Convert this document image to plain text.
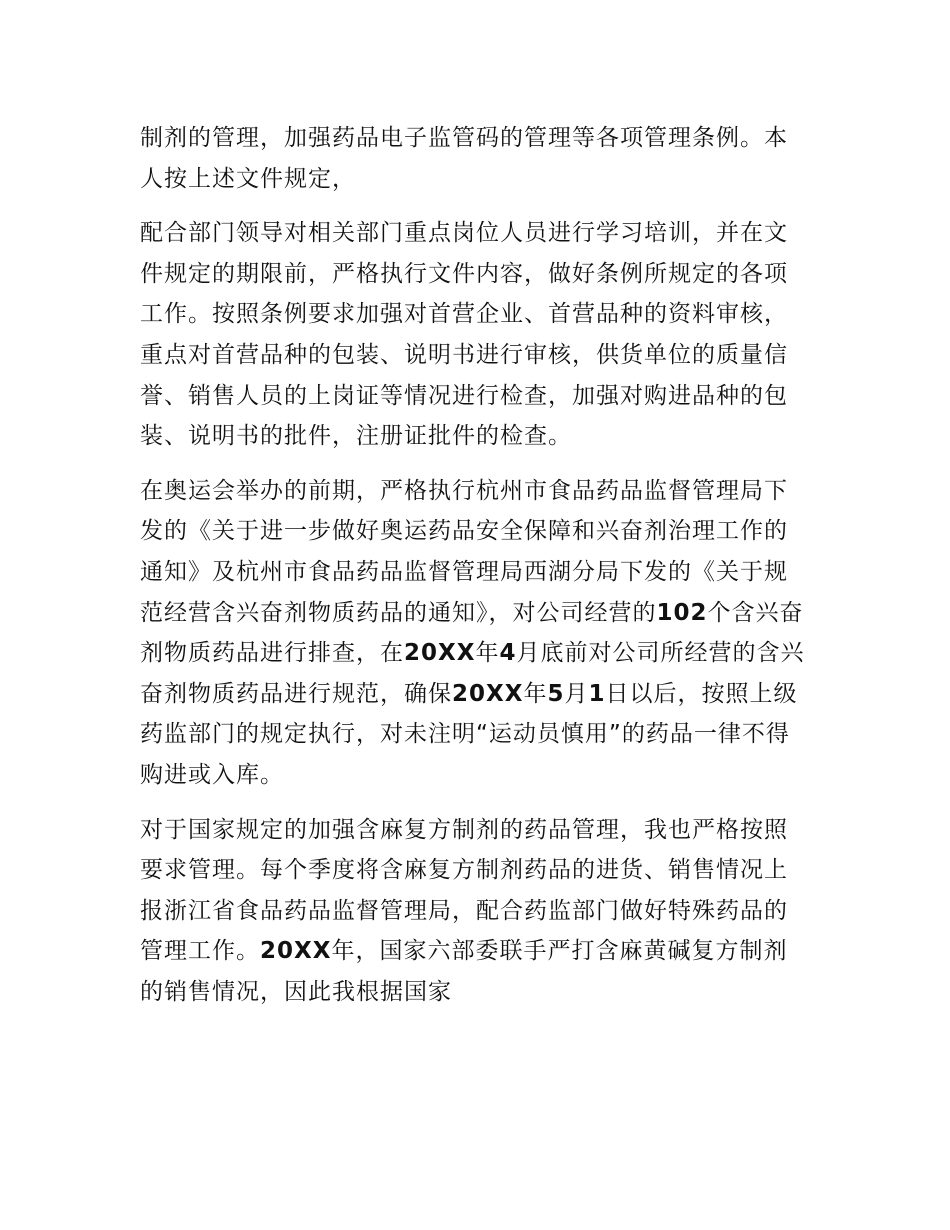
制剂的管理，加强药品电子监管码的管理等各项管理条例。本人按上述文件规定，

配合部门领导对相关部门重点岗位人员进行学习培训，并在文件规定的期限前，严格执行文件内容，做好条例所规定的各项工作。按照条例要求加强对首营企业、首营品种的资料审核，重点对首营品种的包装、说明书进行审核，供货单位的质量信誉、销售人员的上岗证等情况进行检查，加强对购进品种的包装、说明书的批件，注册证批件的检查。

在奥运会举办的前期，严格执行杭州市食品药品监督管理局下发的《关于进一步做好奥运药品安全保障和兴奋剂治理工作的通知》及杭州市食品药品监督管理局西湖分局下发的《关于规范经营含兴奋剂物质药品的通知》，对公司经营的102个含兴奋剂物质药品进行排查，在20XX年4月底前对公司所经营的含兴奋剂物质药品进行规范，确保20XX年5月1日以后，按照上级药监部门的规定执行，对未注明“运动员慎用”的药品一律不得购进或入库。

对于国家规定的加强含麻复方制剂的药品管理，我也严格按照要求管理。每个季度将含麻复方制剂药品的进货、销售情况上报浙江省食品药品监督管理局，配合药监部门做好特殊药品的管理工作。20XX年，国家六部委联手严打含麻黄碱复方制剂的销售情况，因此我根据国家
